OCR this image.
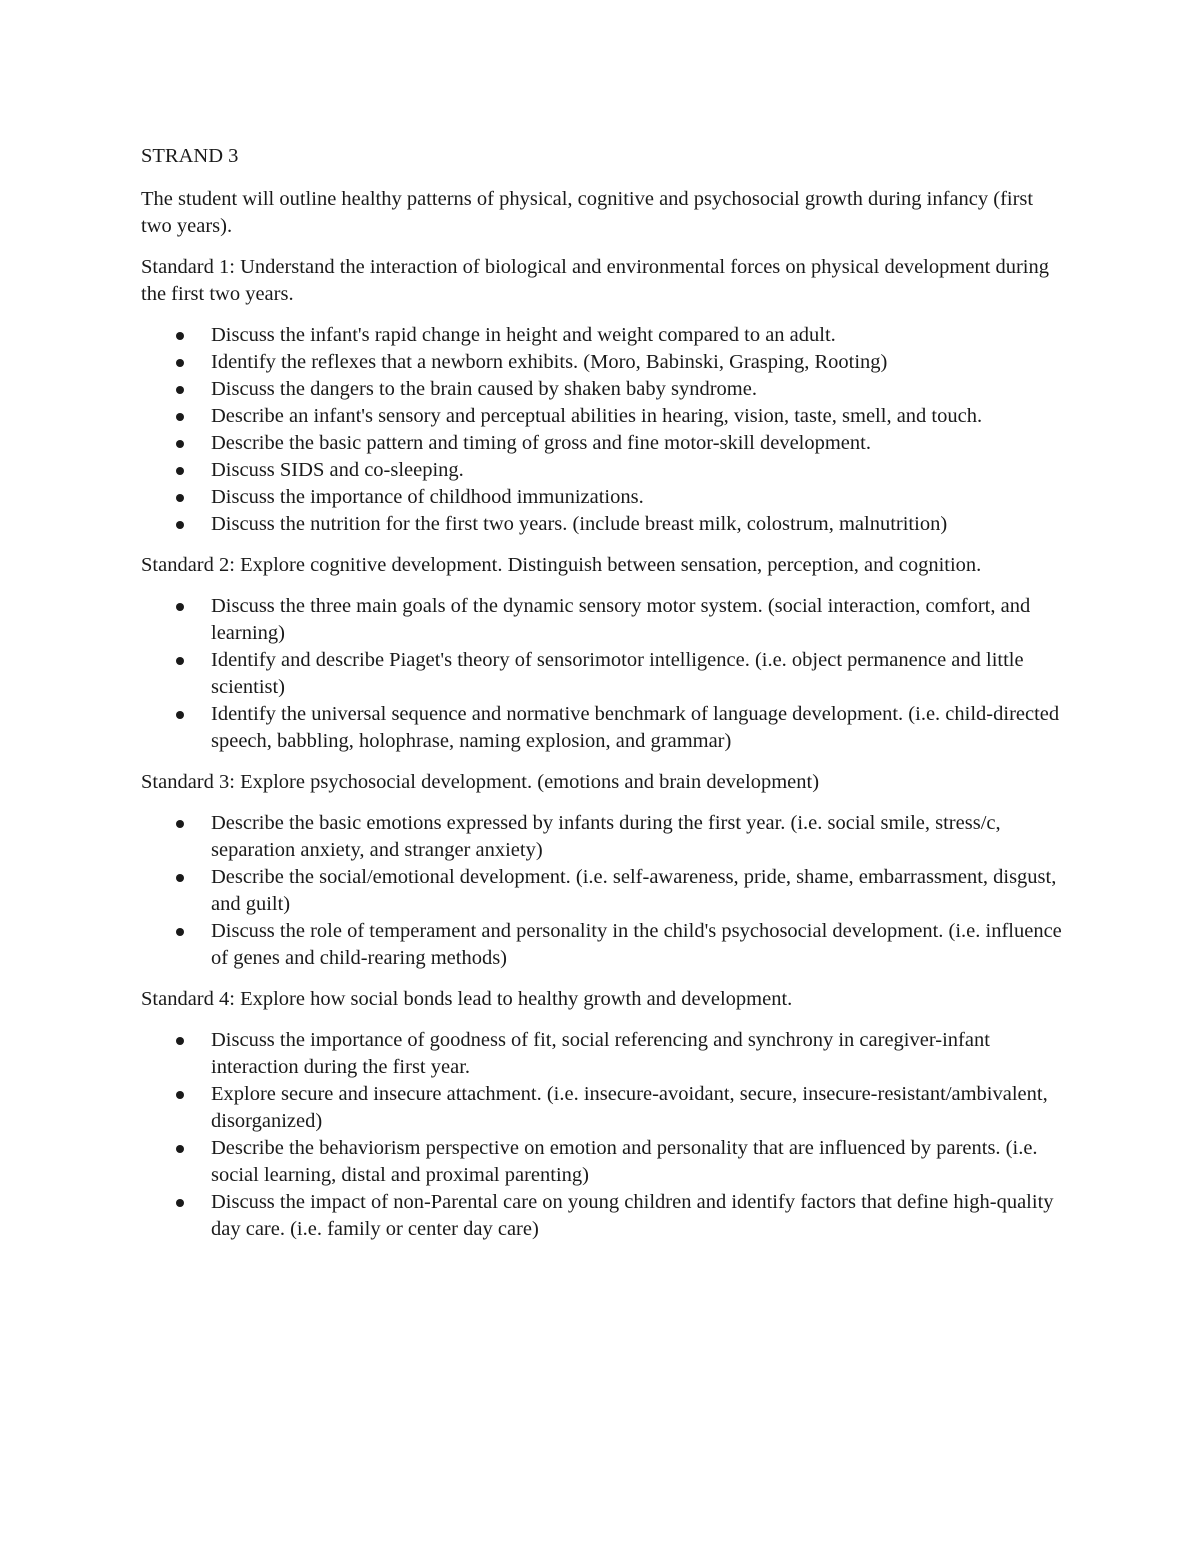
STRAND 3
The student will outline healthy patterns of physical, cognitive and psychosocial growth during infancy (first two years).
Standard 1: Understand the interaction of biological and environmental forces on physical development during the first two years.
Discuss the infant's rapid change in height and weight compared to an adult.
Identify the reflexes that a newborn exhibits. (Moro, Babinski, Grasping, Rooting)
Discuss the dangers to the brain caused by shaken baby syndrome.
Describe an infant's sensory and perceptual abilities in hearing, vision, taste, smell, and touch.
Describe the basic pattern and timing of gross and fine motor-skill development.
Discuss SIDS and co-sleeping.
Discuss the importance of childhood immunizations.
Discuss the nutrition for the first two years. (include breast milk, colostrum, malnutrition)
Standard 2: Explore cognitive development. Distinguish between sensation, perception, and cognition.
Discuss the three main goals of the dynamic sensory motor system. (social interaction, comfort, and learning)
Identify and describe Piaget's theory of sensorimotor intelligence. (i.e. object permanence and little scientist)
Identify the universal sequence and normative benchmark of language development. (i.e. child-directed speech, babbling, holophrase, naming explosion, and grammar)
Standard 3: Explore psychosocial development. (emotions and brain development)
Describe the basic emotions expressed by infants during the first year. (i.e. social smile, stress/c, separation anxiety, and stranger anxiety)
Describe the social/emotional development. (i.e. self-awareness, pride, shame, embarrassment, disgust, and guilt)
Discuss the role of temperament and personality in the child's psychosocial development. (i.e. influence of genes and child-rearing methods)
Standard 4: Explore how social bonds lead to healthy growth and development.
Discuss the importance of goodness of fit, social referencing and synchrony in caregiver-infant interaction during the first year.
Explore secure and insecure attachment. (i.e. insecure-avoidant, secure, insecure-resistant/ambivalent, disorganized)
Describe the behaviorism perspective on emotion and personality that are influenced by parents. (i.e. social learning, distal and proximal parenting)
Discuss the impact of non-Parental care on young children and identify factors that define high-quality day care. (i.e. family or center day care)
